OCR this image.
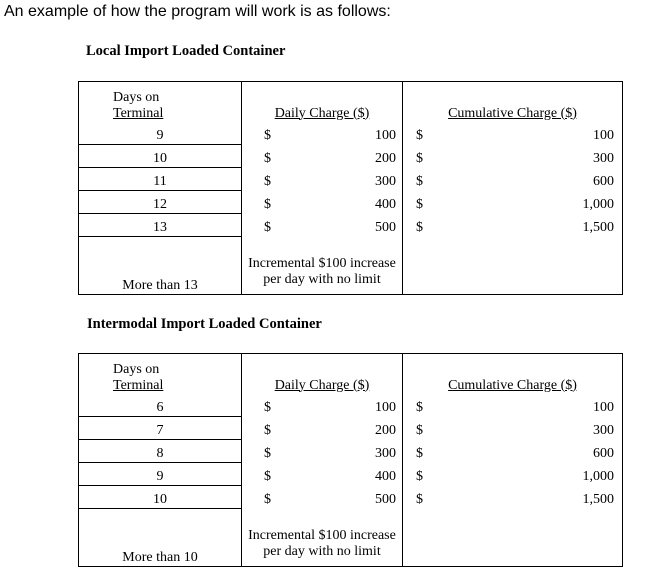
An example of how the program will work is as follows:
Local Import Loaded Container
Days on
Terminal	Daily Charge ($)		Cumulative Charge ($)	
9	$	100	$	100
10	$	200	$	300
11	$	300	$	600
12	$	400	$	1,000
13	$	500	$	1,500
More than 13	Incremental $100 increase
per day with no limit			

Intermodal Import Loaded Container
Days on
Terminal	Daily Charge ($)		Cumulative Charge ($)	
6	$	100	$	100
7	$	200	$	300
8	$	300	$	600
9	$	400	$	1,000
10	$	500	$	1,500
More than 10	Incremental $100 increase
per day with no limit			
